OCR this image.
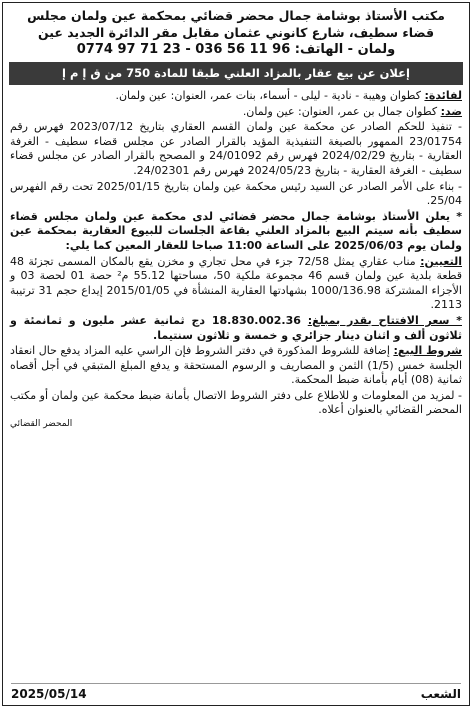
مكتب الأستاذ بوشامة جمال محضر قضائي بمحكمة عين ولمان مجلس
قضاء سطيف، شارع كانوني عثمان مقابل مقر الدائرة الجديد عين
ولمان - الهاتف: 96 11 56 036 - 23 71 97 0774
إعلان عن بيع عقار بالمزاد العلني طبقا للمادة 750 من ق إ م إ

لفائدة: كطوان وهيبة - نادية - ليلى - أسماء، بنات عمر، العنوان: عين ولمان.

ضد: كطوان جمال بن عمر، العنوان: عين ولمان.

- تنفيذ للحكم الصادر عن محكمة عين ولمان القسم العقاري بتاريخ 2023/07/12 فهرس رقم 23/01754 الممهور بالصيغة التنفيذية المؤيد بالقرار الصادر عن مجلس قضاء سطيف - الغرفة العقارية - بتاريخ 2024/02/29 فهرس رقم 24/01092 و المصحح بالقرار الصادر عن مجلس قضاء سطيف - الغرفة العقارية - بتاريخ 2024/05/23 فهرس رقم 24/02301.

- بناء على الأمر الصادر عن السيد رئيس محكمة عين ولمان بتاريخ 2025/01/15 تحت رقم الفهرس 25/04.

* يعلن الأستاذ بوشامة جمال محضر قضائي لدى محكمة عين ولمان مجلس قضاء سطيف بأنه سيتم البيع بالمزاد العلني بقاعة الجلسات للبيوع العقارية بمحكمة عين ولمان يوم 2025/06/03 على الساعة 11:00 صباحا للعقار المعين كما يلي:

التعيين: مناب عقاري يمثل 72/58 جزء في محل تجاري و مخزن يقع بالمكان المسمى تجزئة 48 قطعة بلدية عين ولمان قسم 46 مجموعة ملكية 50، مساحتها 55.12 م² حصة 01 لحصة 03 و الأجزاء المشتركة 1000/136.98 بشهادتها العقارية المنشأة في 2015/01/05 إيداع حجم 31 ترتيبة 2113.

* سعر الافتتاح بقدر بمبلغ: 18.830.002.36 دج ثمانية عشر مليون و ثمانمئة و ثلاثون ألف و اثنان دينار جزائري و خمسة و ثلاثون سنتيما.

شروط البيع: إضافة للشروط المذكورة في دفتر الشروط فإن الراسي عليه المزاد يدفع حال انعقاد الجلسة خمس (1/5) الثمن و المصاريف و الرسوم المستحقة و يدفع المبلغ المتبقي في أجل أقصاه ثمانية (08) أيام بأمانة ضبط المحكمة.

- لمزيد من المعلومات و للاطلاع على دفتر الشروط الاتصال بأمانة ضبط محكمة عين ولمان أو مكتب المحضر القضائي بالعنوان أعلاه.

المحضر القضائي
الشعب
2025/05/14
